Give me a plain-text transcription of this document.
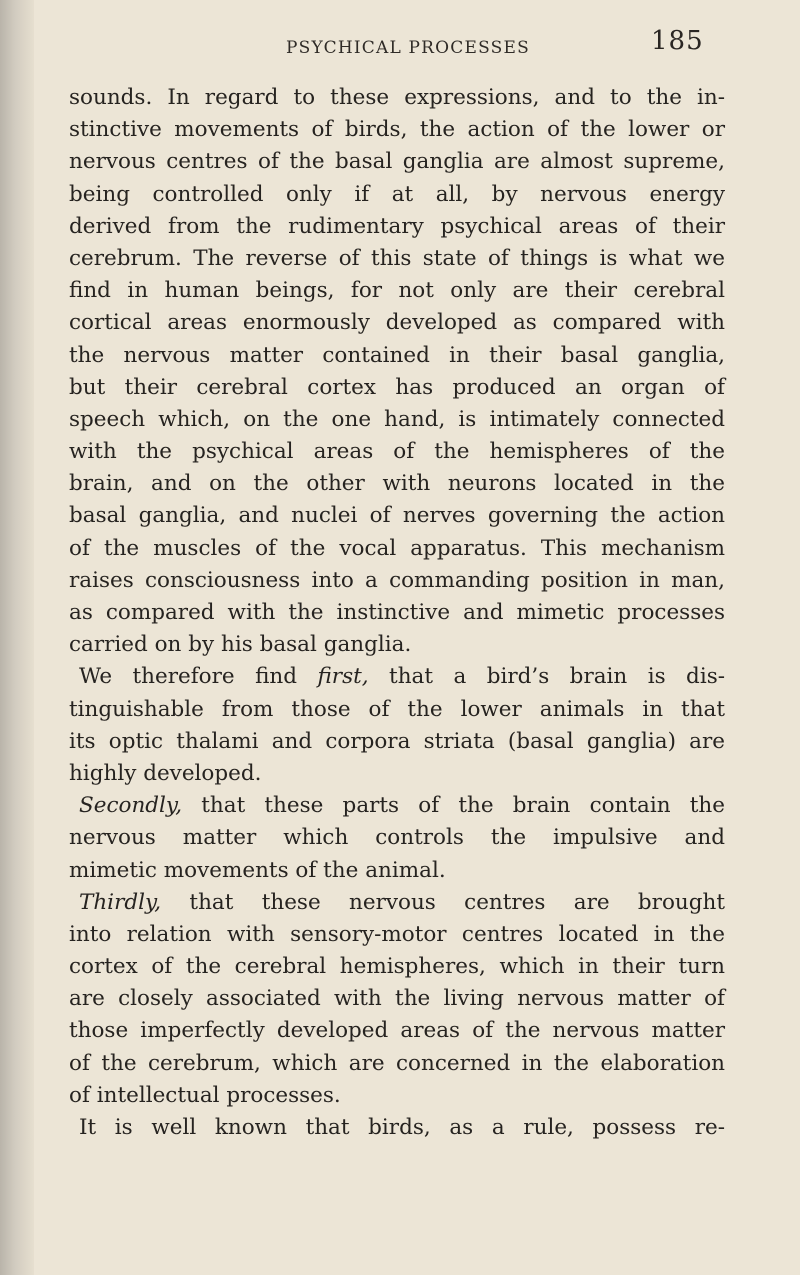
PSYCHICAL PROCESSES	185
sounds. In regard to these expressions, and to the in-
stinctive movements of birds, the action of the lower or
nervous centres of the basal ganglia are almost supreme,
being controlled only if at all, by nervous energy
derived from the rudimentary psychical areas of their
cerebrum. The reverse of this state of things is what we
find in human beings, for not only are their cerebral
cortical areas enormously developed as compared with
the nervous matter contained in their basal ganglia,
but their cerebral cortex has produced an organ of
speech which, on the one hand, is intimately connected
with the psychical areas of the hemispheres of the
brain, and on the other with neurons located in the
basal ganglia, and nuclei of nerves governing the action
of the muscles of the vocal apparatus. This mechanism
raises consciousness into a commanding position in man,
as compared with the instinctive and mimetic processes
carried on by his basal ganglia.
We therefore find first, that a bird’s brain is dis-
tinguishable from those of the lower animals in that
its optic thalami and corpora striata (basal ganglia) are
highly developed.
Secondly, that these parts of the brain contain the
nervous matter which controls the impulsive and
mimetic movements of the animal.
Thirdly, that these nervous centres are brought
into relation with sensory-motor centres located in the
cortex of the cerebral hemispheres, which in their turn
are closely associated with the living nervous matter of
those imperfectly developed areas of the nervous matter
of the cerebrum, which are concerned in the elaboration
of intellectual processes.
It is well known that birds, as a rule, possess re-
